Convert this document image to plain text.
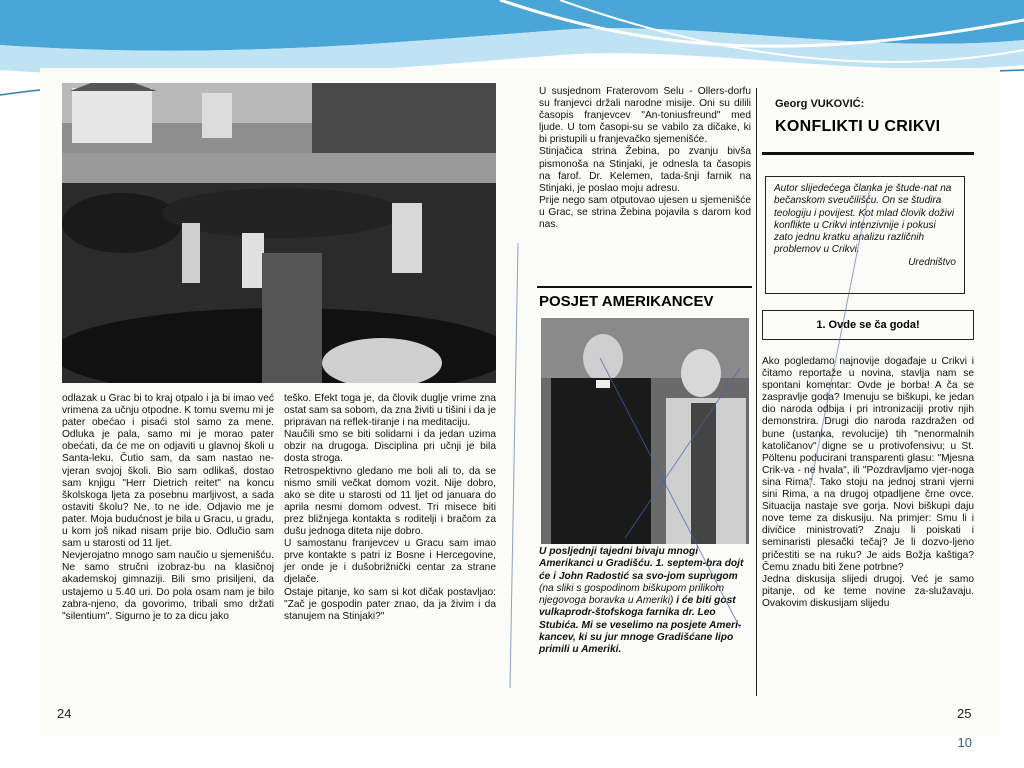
odlazak u Grac bi to kraj otpalo i ja bi imao već vrimena za učnju otpodne. K tomu svemu mi je pater obećao i pisaći stol samo za mene. Odluka je pala, samo mi je morao pater obećati, da će me on odjaviti u glavnoj školi u Santa-leku. Čutio sam, da sam nastao ne-vjeran svojoj školi. Bio sam odlikaš, dostao sam knjigu "Herr Dietrich reitet" na koncu školskoga ljeta za posebnu marljivost, a sada ostaviti školu? Ne, to ne ide. Odjavio me je pater. Moja budućnost je bila u Gracu, u gradu, u kom još nikad nisam prije bio. Odlučio sam sam u starosti od 11 ljet.

Nevjerojatno mnogo sam naučio u sjemenišću. Ne samo stručni izobraz-bu na klasičnoj akademskoj gimnaziji. Bili smo prisiljeni, da ustajemo u 5.40 uri. Do pola osam nam je bilo zabra-njeno, da govorimo, tribali smo držati "silentium". Sigurno je to za dicu jako

teško. Efekt toga je, da človik duglje vrime zna ostat sam sa sobom, da zna živiti u tišini i da je pripravan na reflek-tiranje i na meditaciju.

Naučili smo se biti solidarni i da jedan uzima obzir na drugoga. Disciplina pri učnji je bila dosta stroga.

Retrospektivno gledano me boli ali to, da se nismo smili večkat domom vozit. Nije dobro, ako se dite u starosti od 11 ljet od januara do aprila nesmi domom odvest. Tri misece biti prez bližnjega kontakta s roditelji i bračom za dušu jednoga diteta nije dobro.

U samostanu franjevcev u Gracu sam imao prve kontakte s patri iz Bosne i Hercegovine, jer onde je i dušobrižnički centar za strane djelače.

Ostaje pitanje, ko sam si kot dičak postavljao: "Zač je gospodin pater znao, da ja živim i da stanujem na Stinjaki?"

24

U susjednom Fraterovom Selu - Ollers-dorfu su franjevci držali narodne misije. Oni su dilili časopis franjevcev "An-toniusfreund" med ljude. U tom časopi-su se vabilo za dičake, ki bi pristupili u franjevačko sjemenišće.

Stinjačica strina Žebina, po zvanju bivša pismonoša na Stinjaki, je odnesla ta časopis na farof. Dr. Kelemen, tada-šnji farnik na Stinjaki, je poslao moju adresu.

Prije nego sam otputovao ujesen u sjemenišće u Grac, se strina Žebina pojavila s darom kod nas.

POSJET AMERIKANCEV
U posljednji tajedni bivaju mnogi Amerikanci u Gradišću. 1. septem-bra dojt će i John Radostić sa svo-jom suprugom (na sliki s gospodinom biškupom prilikom njegovoga boravka u Ameriki) i će biti gost vulkaprodr-štofskoga farnika dr. Leo Stubića. Mi se veselimo na posjete Ameri-kancev, ki su jur mnoge Gradišćane lipo primili u Ameriki.
Georg VUKOVIĆ:
KONFLIKTI U CRIKVI
Autor slijedećega članka je štude-nat na bečanskom sveučilišću. On se študira teologiju i povijest. Kot mlad človik doživi konflikte u Crikvi intenzivnije i pokusi zato jednu kratku analizu različnih problemov u Crikvi.
Uredništvo
1. Ovde se ča goda!

Ako pogledamo najnovije događaje u Crikvi i čitamo reportaže u novina, stavlja nam se spontani komentar: Ovde je borba! A ča se zaspravlje goda? Imenuju se biškupi, ke jedan dio naroda odbija i pri intronizaciji protiv njih demonstrira. Drugi dio naroda razdražen od bune (ustanka, revolucije) tih "nenormalnih katoličanov" digne se u protivofensivu; u St. Pöltenu poducirani transparenti glasu: "Mjesna Crik-va - ne hvala", ili "Pozdravljamo vjer-noga sina Rima". Tako stoju na jednoj strani vjerni sini Rima, a na drugoj otpadljene črne ovce. Situacija nastaje sve gorja. Novi biškupi daju nove teme za diskusiju. Na primjer: Smu li i divičice ministrovati? Znaju li poiskati i seminaristi plesački tečaj? Je li dozvo-ljeno pričestiti se na ruku? Je aids Božja kaštiga? Čemu znadu biti žene potrbne?

Jedna diskusija slijedi drugoj. Već je samo pitanje, od ke teme novine za-služavaju. Ovakovim diskusijam slijedu

25
10
